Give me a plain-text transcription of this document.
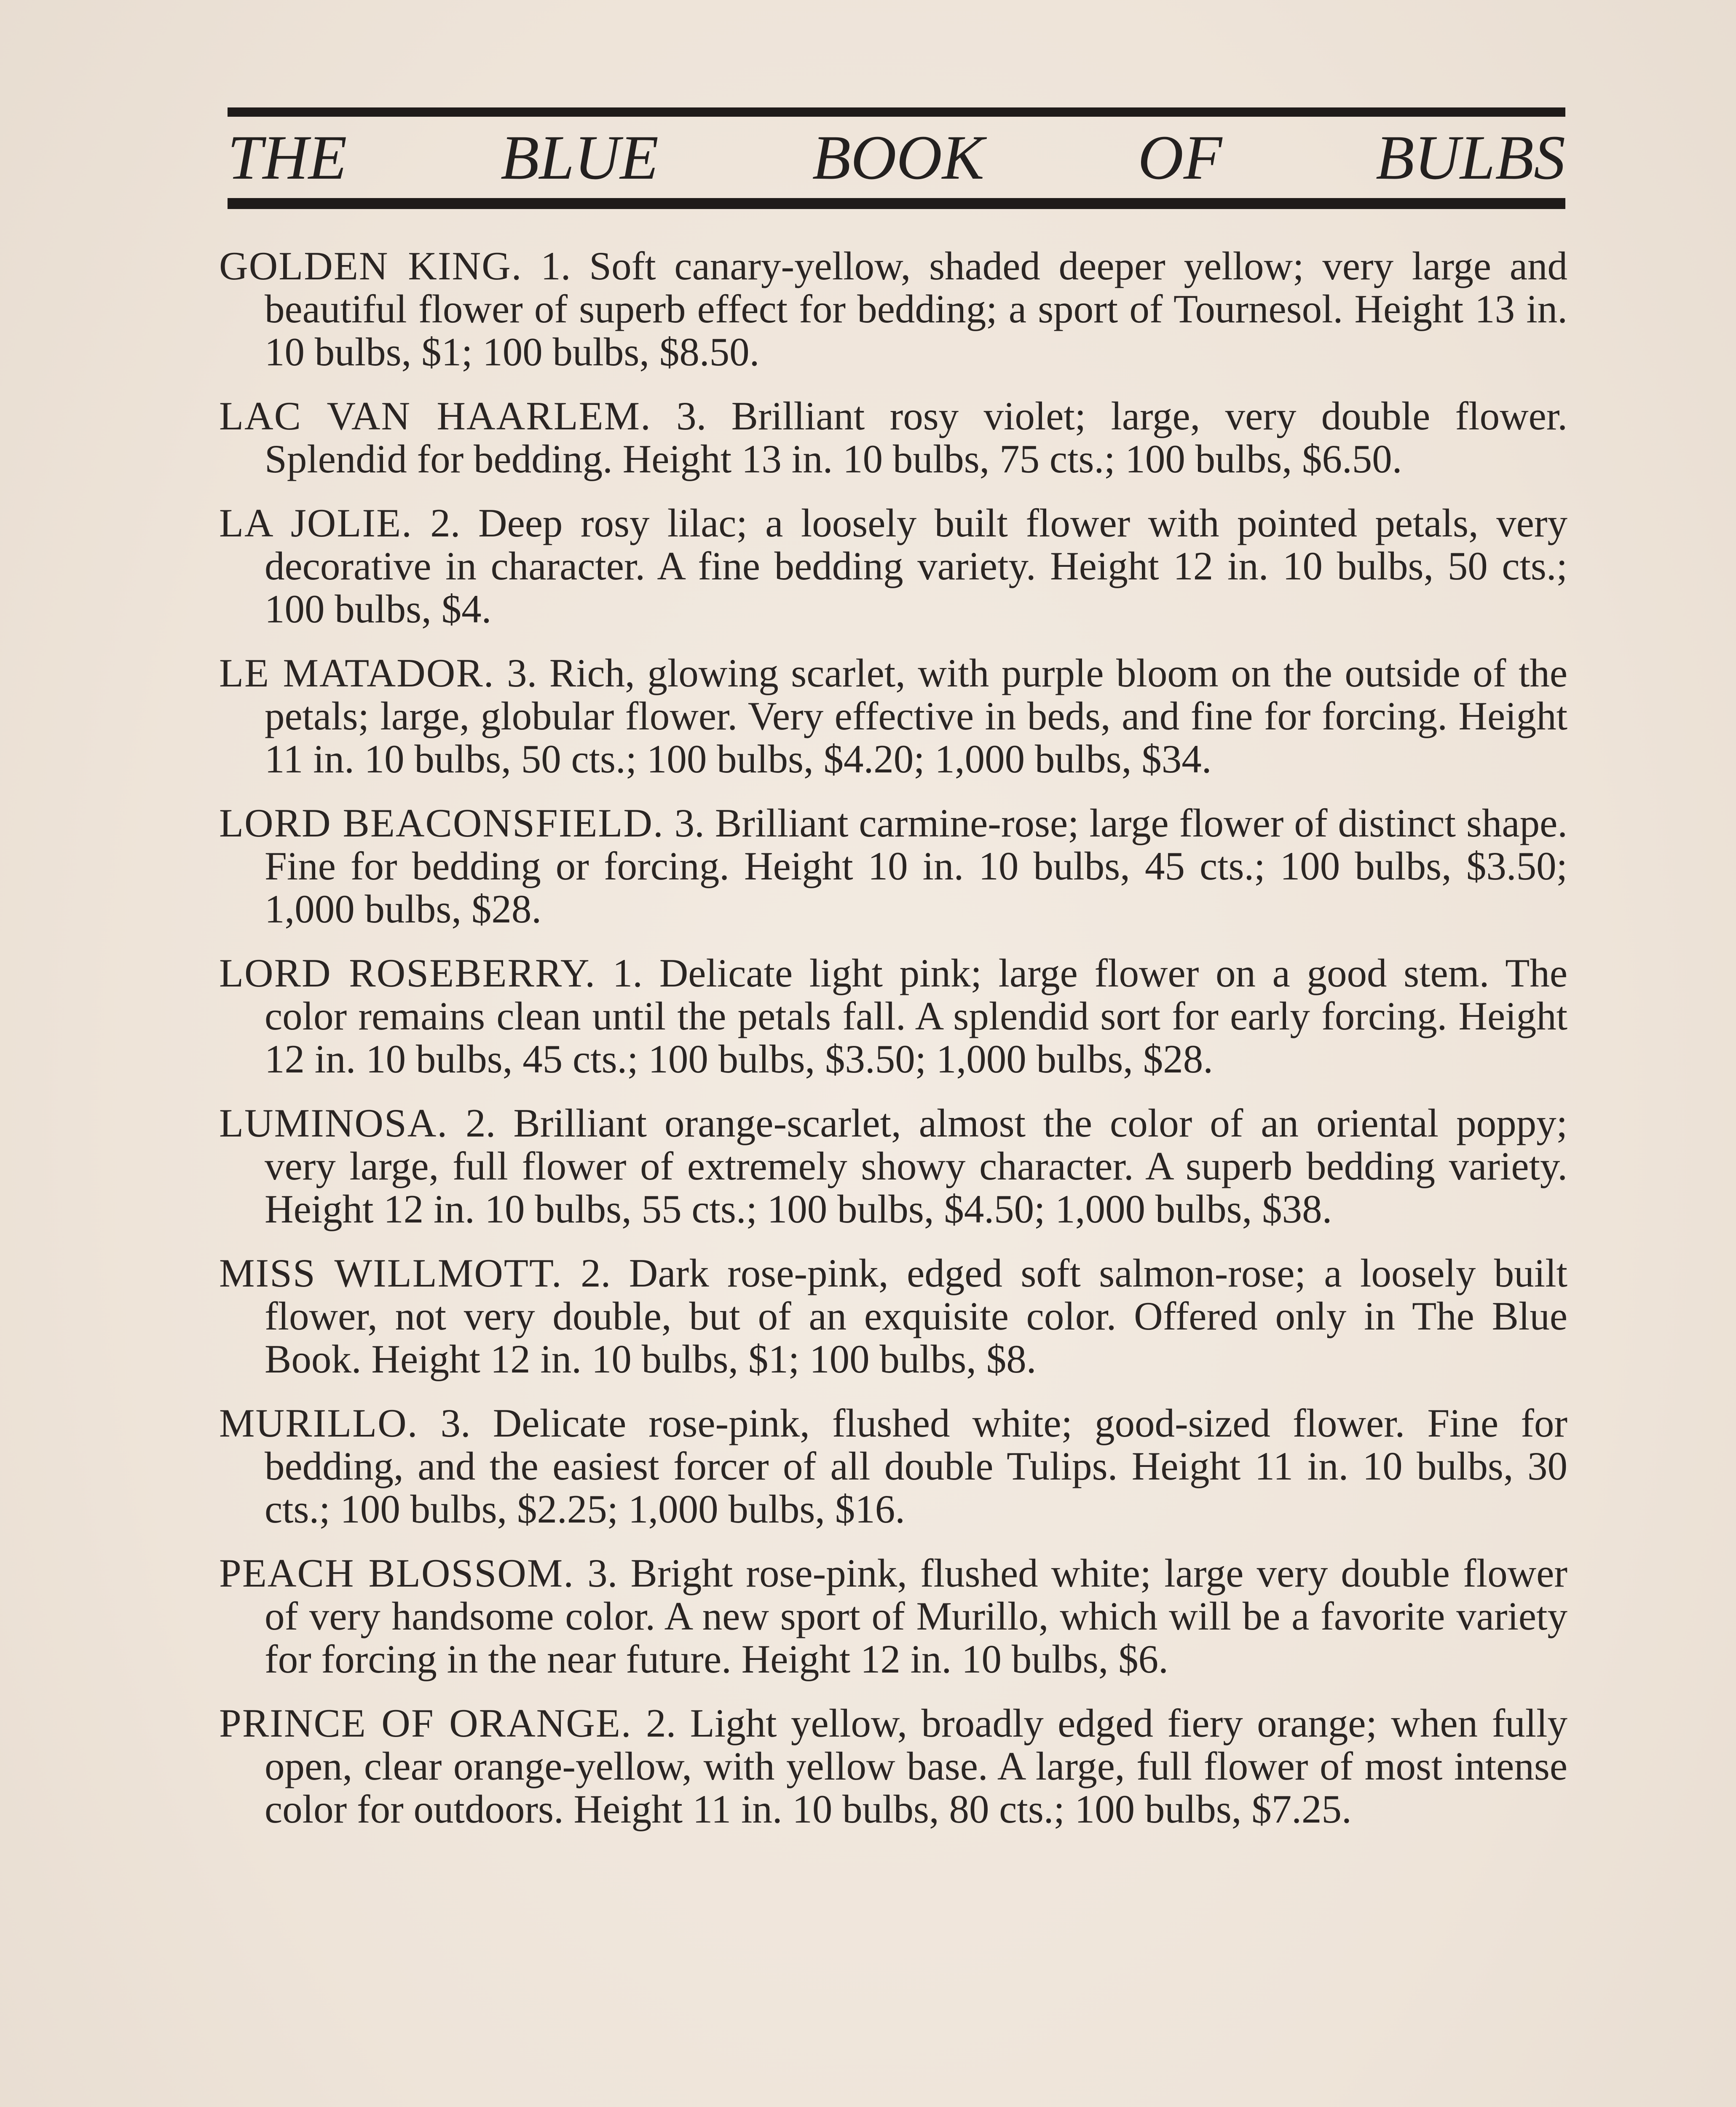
THE BLUE BOOK OF BULBS

GOLDEN KING. 1. Soft canary-yellow, shaded deeper yellow; very large and beautiful flower of superb effect for bedding; a sport of Tournesol. Height 13 in. 10 bulbs, $1; 100 bulbs, $8.50.

LAC VAN HAARLEM. 3. Brilliant rosy violet; large, very double flower. Splendid for bedding. Height 13 in. 10 bulbs, 75 cts.; 100 bulbs, $6.50.

LA JOLIE. 2. Deep rosy lilac; a loosely built flower with pointed petals, very decorative in character. A fine bedding variety. Height 12 in. 10 bulbs, 50 cts.; 100 bulbs, $4.

LE MATADOR. 3. Rich, glowing scarlet, with purple bloom on the outside of the petals; large, globular flower. Very effective in beds, and fine for forcing. Height 11 in. 10 bulbs, 50 cts.; 100 bulbs, $4.20; 1,000 bulbs, $34.

LORD BEACONSFIELD. 3. Brilliant carmine-rose; large flower of distinct shape. Fine for bedding or forcing. Height 10 in. 10 bulbs, 45 cts.; 100 bulbs, $3.50; 1,000 bulbs, $28.

LORD ROSEBERRY. 1. Delicate light pink; large flower on a good stem. The color remains clean until the petals fall. A splendid sort for early forcing. Height 12 in. 10 bulbs, 45 cts.; 100 bulbs, $3.50; 1,000 bulbs, $28.

LUMINOSA. 2. Brilliant orange-scarlet, almost the color of an oriental poppy; very large, full flower of extremely showy character. A superb bedding variety. Height 12 in. 10 bulbs, 55 cts.; 100 bulbs, $4.50; 1,000 bulbs, $38.

MISS WILLMOTT. 2. Dark rose-pink, edged soft salmon-rose; a loosely built flower, not very double, but of an exquisite color. Offered only in The Blue Book. Height 12 in. 10 bulbs, $1; 100 bulbs, $8.

MURILLO. 3. Delicate rose-pink, flushed white; good-sized flower. Fine for bedding, and the easiest forcer of all double Tulips. Height 11 in. 10 bulbs, 30 cts.; 100 bulbs, $2.25; 1,000 bulbs, $16.

PEACH BLOSSOM. 3. Bright rose-pink, flushed white; large very double flower of very handsome color. A new sport of Murillo, which will be a favorite variety for forcing in the near future. Height 12 in. 10 bulbs, $6.

PRINCE OF ORANGE. 2. Light yellow, broadly edged fiery orange; when fully open, clear orange-yellow, with yellow base. A large, full flower of most intense color for outdoors. Height 11 in. 10 bulbs, 80 cts.; 100 bulbs, $7.25.
